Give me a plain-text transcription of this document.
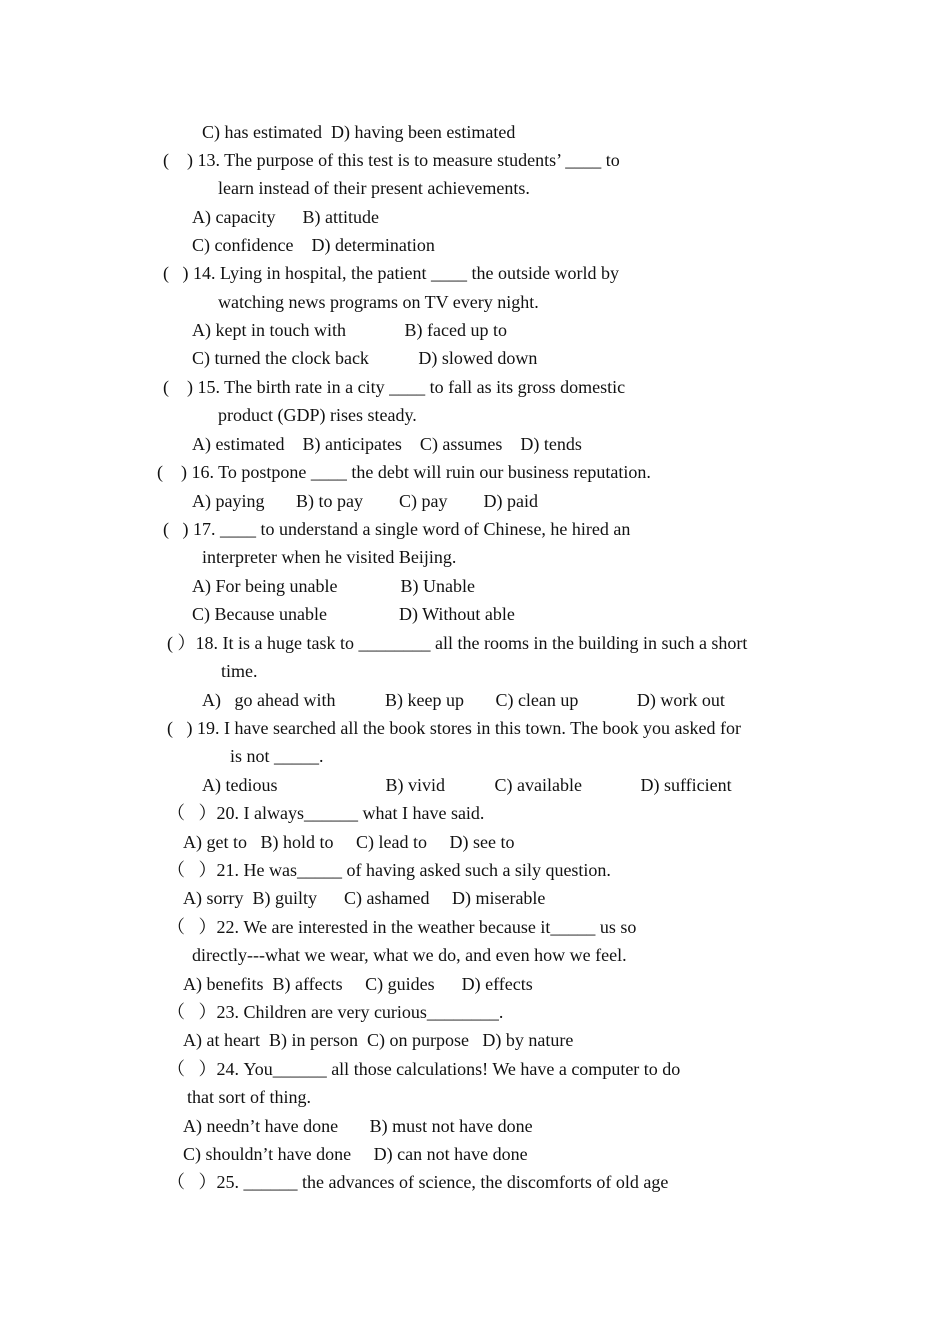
C) has estimated  D) having been estimated
(    ) 13. The purpose of this test is to measure students’ ____ to
learn instead of their present achievements.
A) capacity      B) attitude
C) confidence    D) determination
(   ) 14. Lying in hospital, the patient ____ the outside world by
watching news programs on TV every night.
A) kept in touch with             B) faced up to
C) turned the clock back           D) slowed down
(    ) 15. The birth rate in a city ____ to fall as its gross domestic
product (GDP) rises steady.
A) estimated    B) anticipates    C) assumes    D) tends
(    ) 16. To postpone ____ the debt will ruin our business reputation.
A) paying       B) to pay        C) pay        D) paid
(   ) 17. ____ to understand a single word of Chinese, he hired an
interpreter when he visited Beijing.
A) For being unable              B) Unable
C) Because unable                D) Without able
( ）18. It is a huge task to ________ all the rooms in the building in such a short
time.
A)   go ahead with           B) keep up       C) clean up             D) work out
(   ) 19. I have searched all the book stores in this town. The book you asked for
is not _____.
A) tedious                        B) vivid           C) available             D) sufficient
（   ）20. I always______ what I have said.
A) get to   B) hold to     C) lead to     D) see to
（   ）21. He was_____ of having asked such a sily question.
A) sorry  B) guilty      C) ashamed     D) miserable
（   ）22. We are interested in the weather because it_____ us so
directly---what we wear, what we do, and even how we feel.
A) benefits  B) affects     C) guides      D) effects
（   ）23. Children are very curious________.
A) at heart  B) in person  C) on purpose   D) by nature
（   ）24. You______ all those calculations! We have a computer to do
that sort of thing.
A) needn’t have done       B) must not have done
C) shouldn’t have done     D) can not have done
（   ）25. ______ the advances of science, the discomforts of old age
